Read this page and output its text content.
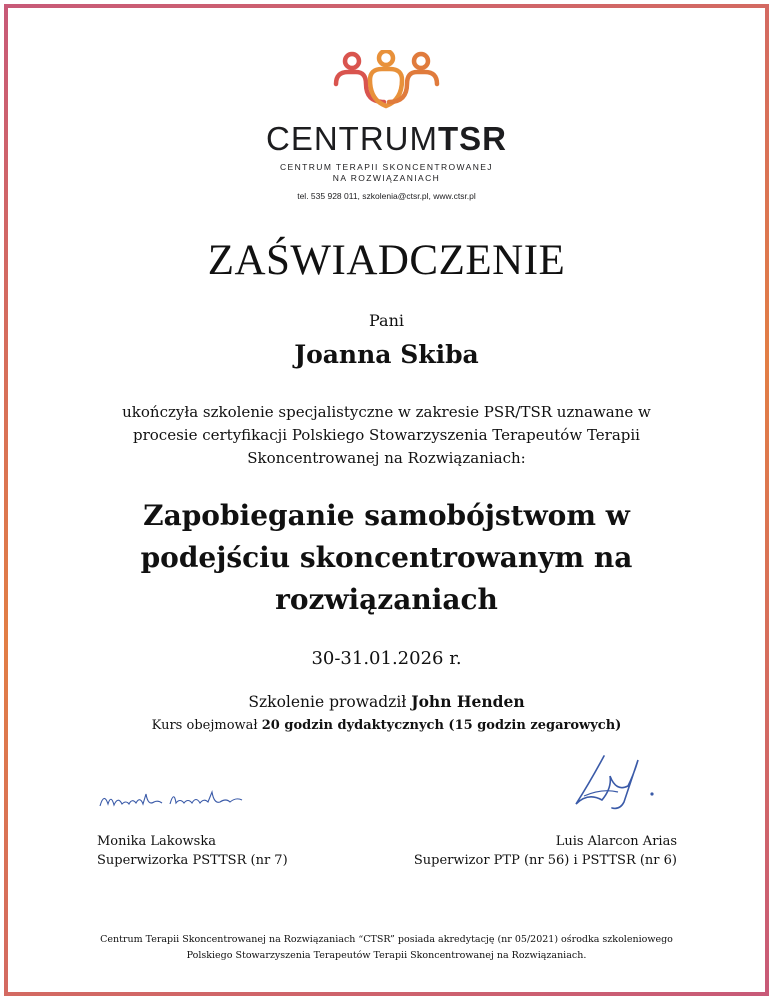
CENTRUMTSR
CENTRUM TERAPII SKONCENTROWANEJ
NA ROZWIĄZANIACH
tel. 535 928 011, szkolenia@ctsr.pl, www.ctsr.pl
ZAŚWIADCZENIE
Pani
Joanna Skiba
ukończyła szkolenie specjalistyczne w zakresie PSR/TSR uznawane w
procesie certyfikacji Polskiego Stowarzyszenia Terapeutów Terapii
Skoncentrowanej na Rozwiązaniach:
Zapobieganie samobójstwom w
podejściu skoncentrowanym na
rozwiązaniach
30-31.01.2026 r.
Szkolenie prowadził John Henden
Kurs obejmował 20 godzin dydaktycznych (15 godzin zegarowych)
Monika Lakowska
Superwizorka PSTTSR (nr 7)
Luis Alarcon Arias
Superwizor PTP (nr 56) i PSTTSR (nr 6)
Centrum Terapii Skoncentrowanej na Rozwiązaniach “CTSR” posiada akredytację (nr 05/2021) ośrodka szkoleniowego
Polskiego Stowarzyszenia Terapeutów Terapii Skoncentrowanej na Rozwiązaniach.
